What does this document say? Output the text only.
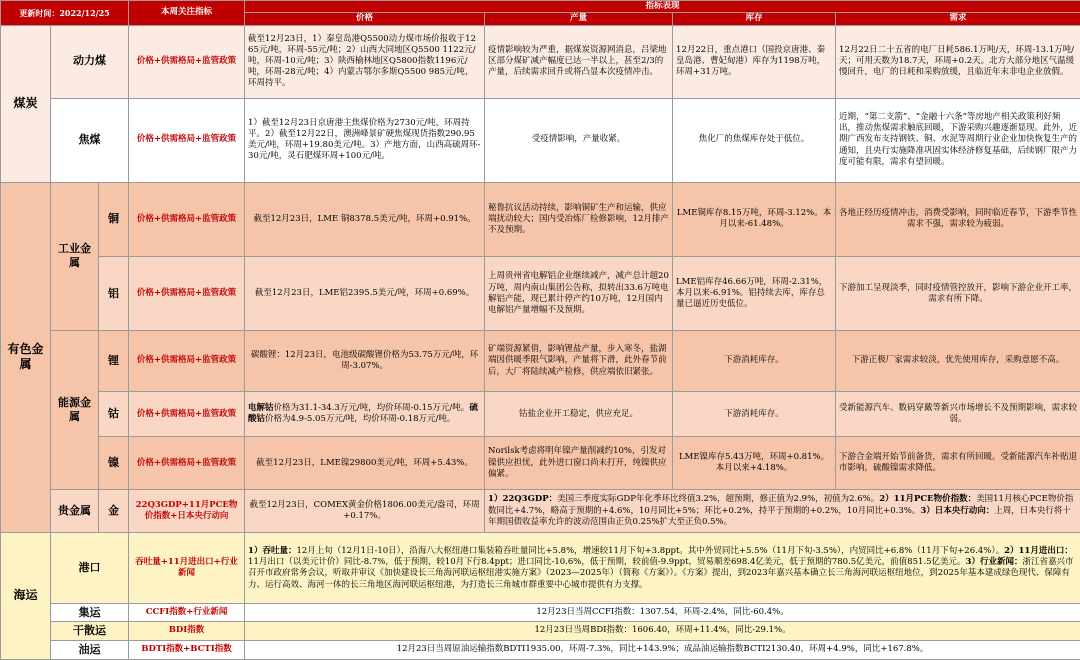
更新时间：2022/12/25			本周关注指标	指标表现			
				价格	产量	库存	需求
煤炭	动力煤		价格+供需格局+监管政策	截至12月23日，1）秦皇岛港Q5500动力煤市场价报收于1265元/吨，环周-55元/吨；2）山西大同地区Q5500 1122元/吨，环周-10元/吨；3）陕西榆林地区Q5800指数1196元/吨，环周-28元/吨；4）内蒙古鄂尔多斯Q5500 985元/吨，环周持平。	疫情影响较为严重，据煤炭资源网消息，吕梁地区部分煤矿减产幅度已达一半以上，甚至2/3的产量，后续需求回升或将凸显本次疫情冲击。	12月22日，重点港口（国投京唐港、秦皇岛港、曹妃甸港）库存为1198万吨，环周+31万吨。	12月22日二十五省的电厂日耗586.1万吨/天，环周-13.1万吨/天；可用天数为18.7天，环周+0.2天。北方大部分地区气温缓慢回升，电厂的日耗和采购放缓，且临近年末非电企业放假。
	焦煤		价格+供需格局+监管政策	1）截至12月23日京唐港主焦煤价格为2730元/吨，环周持平。2）截至12月22日，澳洲峰景矿硬焦煤现货指数290.95美元/吨，环周+19.80美元/吨。3）产地方面，山西高硫周环-30元/吨，灵石肥煤环周+100元/吨。	受疫情影响，产量收紧。	焦化厂的焦煤库存处于低位。	近期，“第二支箭”、“金融十六条”等房地产相关政策利好频出，推动焦煤需求触底回暖，下游采购兴趣逐渐显现。此外，近期广西发布支持钢铁、铜、水泥等周期行业企业加快恢复生产的通知，且央行实施降准巩固实体经济修复基础，后续钢厂限产力度可能有限，需求有望回暖。
有色金属	工业金属	铜	价格+供需格局+监管政策	截至12月23日，LME 铜8378.5美元/吨，环周+0.91%。	秘鲁抗议活动持续，影响铜矿生产和运输，供应端扰动较大；国内受冶炼厂检修影响，12月排产不及预期。	LME铜库存8.15万吨，环周-3.12%。本月以来-61.48%。	各地正经历疫情冲击，消费受影响，同时临近春节，下游季节性需求不强，需求较为疲弱。
		铝	价格+供需格局+监管政策	截至12月23日，LME铝2395.5美元/吨，环周+0.69%。	上周贵州省电解铝企业继续减产，减产总计超20万吨，周内南山集团公告称，拟转出33.6万吨电解铝产能，现已累计停产约10万吨，12月国内电解铝产量增幅不及预期。	LME铝库存46.66万吨，环周-2.31%，本月以来-6.91%。铝持续去库，库存总量已逼近历史低位。	下游加工呈现淡季，同时疫情管控放开，影响下游企业开工率，需求有所下降。
	能源金属	锂	价格+供需格局+监管政策	碳酸锂：12月23日，电池级碳酸锂价格为53.75万元/吨，环周-3.07%。	矿端资源紧俏，影响锂盐产量，步入寒冬，盐湖端因供暖季限气影响，产量将下滑，此外春节前后，大厂将陆续减产检修，供应端依旧紧张。	下游消耗库存。	下游正极厂家需求较淡，优先使用库存，采购意愿不高。
		钴	价格+供需格局+监管政策	电解钴价格为31.1-34.3万元/吨，均价环周-0.15万元/吨。硫酸钴价格为4.9-5.05万元/吨，均价环周-0.18万元/吨。	钴盐企业开工稳定，供应充足。	下游消耗库存。	受新能源汽车、数码穿戴等新兴市场增长不及预期影响，需求较弱。
		镍	价格+供需格局+监管政策	截至12月23日，LME镍29800美元/吨，环周+5.43%。	Norilsk考虑将明年镍产量削减约10%，引发对镍供应担忧，此外进口窗口尚未打开，纯镍供应偏紧。	LME镍库存5.43万吨，环周+0.81%。本月以来+4.18%。	下游合金端开始节前备货，需求有所回暖。受新能源汽车补贴退市影响，硫酸镍需求降低。
	贵金属	金	22Q3GDP+11月PCE物价指数+日本央行动向	截至12月23日，COMEX黄金价格1806.00美元/盎司，环周+0.17%。	1）22Q3GDP：美国三季度实际GDP年化季环比终值3.2%，超预期，修正值为2.9%，初值为2.6%。2）11月PCE物价指数：美国11月核心PCE物价指数同比+4.7%，略高于预期的+4.6%，10月同比+5%；环比+0.2%，持平于预期的+0.2%，10月同比+0.3%。3）日本央行动向：上周，日本央行将十年期国债收益率允许的波动范围由正负0.25%扩大至正负0.5%。		
海运	港口		吞吐量+11月进出口+行业新闻	1）吞吐量：12月上旬（12月1日-10日），沿海八大枢纽港口集装箱吞吐量同比+5.8%，增速较11月下旬+3.8ppt。其中外贸同比+5.5%（11月下旬-3.5%），内贸同比+6.8%（11月下旬+26.4%）。2）11月进出口：11月出口（以美元计价）同比-8.7%，低于预期，较10月下行8.4ppt；进口同比-10.6%，低于预期，较前值-9.9ppt，贸易顺差698.4亿美元，低于预期的780.5亿美元，前值851.5亿美元。3）行业新闻：浙江省嘉兴市召开市政府常务会议，听取并审议《加快建设长三角海河联运枢纽港实施方案》（2023—2025年）（简称《方案》）。《方案》提出，到2023年嘉兴基本确立长三角海河联运枢纽地位，到2025年基本建成绿色现代、保障有力、运行高效、海河一体的长三角地区海河联运枢纽港，为打造长三角城市群重要中心城市提供有力支撑。			
	集运		CCFI指数+行业新闻	12月23日当周CCFI指数：1307.54，环周-2.4%，同比-60.4%。			
	干散运		BDI指数	12月23日当周BDI指数：1606.40，环周+11.4%，同比-29.1%。			
	油运		BDTI指数+BCTI指数	12月23日当周原油运输指数BDTI1935.00，环周-7.3%，同比+143.9%；成品油运输指数BCTI2130.40，环周+4.9%，同比+167.8%。			
